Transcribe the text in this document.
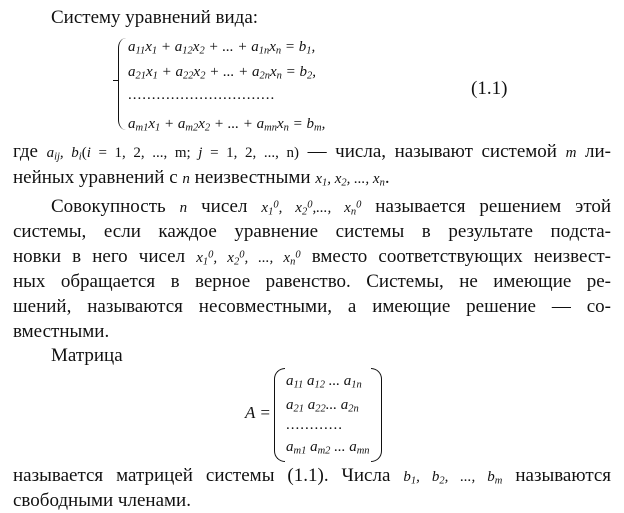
Систему уравнений вида:
$a_{11}x_1 + a_{12}x_2$ + ... + $a_{1n}x_n = b_1$,
$a_{21}x_1 + a_{22}x_2$ + ... + $a_{2n}x_n = b_2$,
...............................
$a_{m1}x_1 + a_{m2}x_2$ + ... + $a_{mn}x_n = b_m$,
(1.1)
где $a_{ij}$, $b_i(i = 1$, 2, ..., m; j = 1, 2, ..., n) — числа, называют системой m ли-
нейных уравнений с n неизвестными $x_1$, $x_2$, ..., $x_n$.
Совокупность n чисел $x_1^0$, $x_2^0$,..., $x_n^0$ называется решением этой
системы, если каждое уравнение системы в результате подста-
новки в него чисел $x_1^0$, $x_2^0$, ..., $x_n^0$ вместо соответствующих неизвест-
ных обращается в верное равенство. Системы, не имеющие ре-
шений, называются несовместными, а имеющие решение — со-
вместными.
Матрица
A =
$a_{11}$ $a_{12}$ ... $a_{1n}$
$a_{21}$ $a_{22}$... $a_{2n}$
............
$a_{m1}$ $a_{m2}$ ... $a_{mn}$
называется матрицей системы (1.1). Числа $b_1$, $b_2$, ..., $b_m$ называются
свободными членами.
